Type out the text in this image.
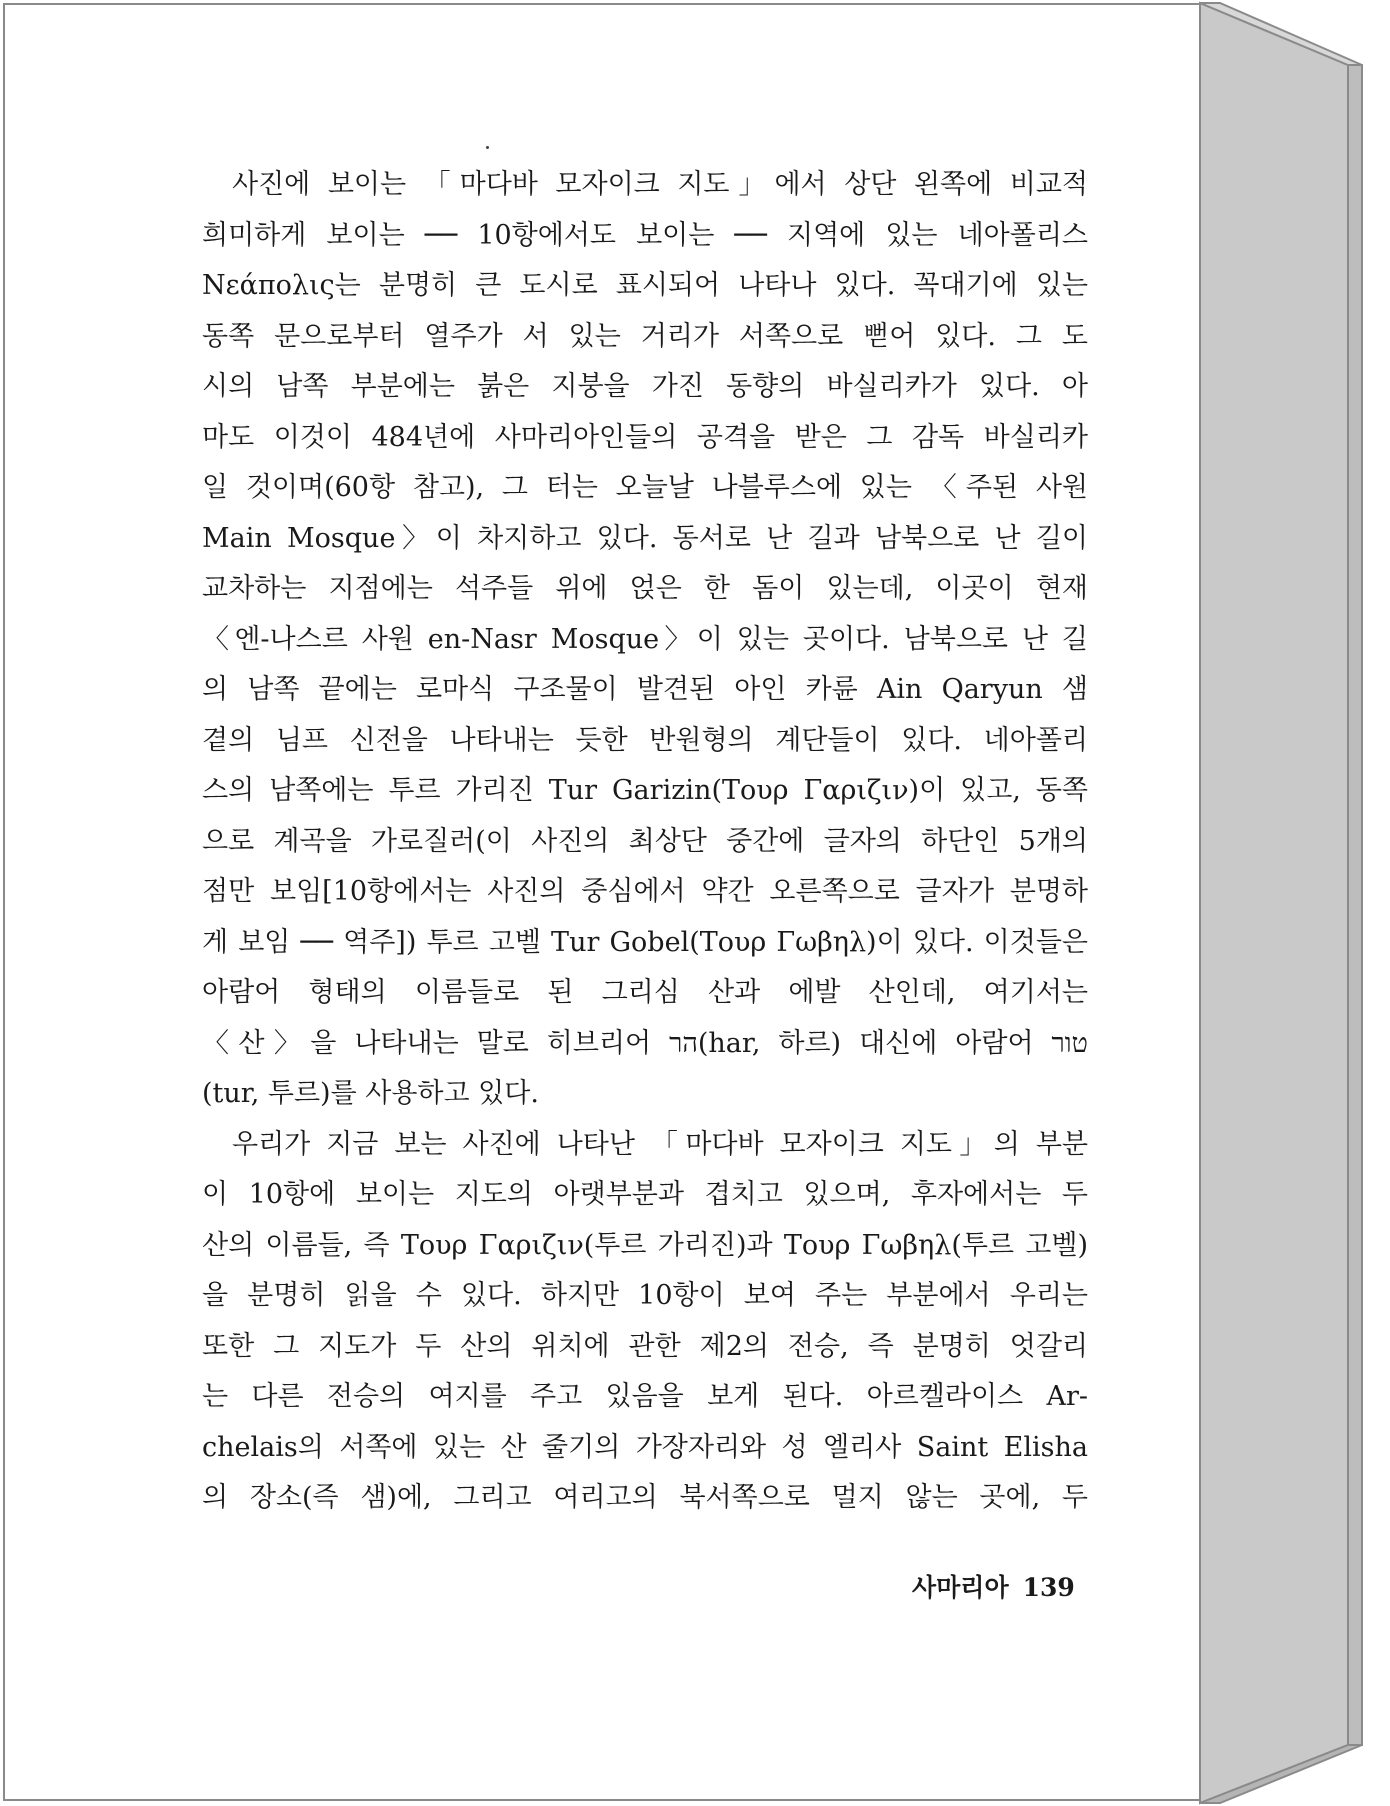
사진에 보이는 「마다바 모자이크 지도」에서 상단 왼쪽에 비교적
희미하게 보이는 ── 10항에서도 보이는 ── 지역에 있는 네아폴리스
Νεάπολις는 분명히 큰 도시로 표시되어 나타나 있다. 꼭대기에 있는
동쪽 문으로부터 열주가 서 있는 거리가 서쪽으로 뻗어 있다. 그 도
시의 남쪽 부분에는 붉은 지붕을 가진 동향의 바실리카가 있다. 아
마도 이것이 484년에 사마리아인들의 공격을 받은 그 감독 바실리카
일 것이며(60항 참고), 그 터는 오늘날 나블루스에 있는 〈주된 사원
Main Mosque〉이 차지하고 있다. 동서로 난 길과 남북으로 난 길이
교차하는 지점에는 석주들 위에 얹은 한 돔이 있는데, 이곳이 현재
〈엔-나스르 사원 en-Nasr Mosque〉이 있는 곳이다. 남북으로 난 길
의 남쪽 끝에는 로마식 구조물이 발견된 아인 카륜 Ain Qaryun 샘
곁의 님프 신전을 나타내는 듯한 반원형의 계단들이 있다. 네아폴리
스의 남쪽에는 투르 가리진 Tur Garizin(Τουρ Γαριζιν)이 있고, 동쪽
으로 계곡을 가로질러(이 사진의 최상단 중간에 글자의 하단인 5개의
점만 보임[10항에서는 사진의 중심에서 약간 오른쪽으로 글자가 분명하
게 보임 ── 역주]) 투르 고벨 Tur Gobel(Τουρ Γωβηλ)이 있다. 이것들은
아람어 형태의 이름들로 된 그리심 산과 에발 산인데, 여기서는
〈산〉을 나타내는 말로 히브리어 הר(har, 하르) 대신에 아람어 טור
(tur, 투르)를 사용하고 있다.
우리가 지금 보는 사진에 나타난 「마다바 모자이크 지도」의 부분
이 10항에 보이는 지도의 아랫부분과 겹치고 있으며, 후자에서는 두
산의 이름들, 즉 Τουρ Γαριζιν(투르 가리진)과 Τουρ Γωβηλ(투르 고벨)
을 분명히 읽을 수 있다. 하지만 10항이 보여 주는 부분에서 우리는
또한 그 지도가 두 산의 위치에 관한 제2의 전승, 즉 분명히 엇갈리
는 다른 전승의 여지를 주고 있음을 보게 된다. 아르켈라이스 Ar-
chelais의 서쪽에 있는 산 줄기의 가장자리와 성 엘리사 Saint Elisha
의 장소(즉 샘)에, 그리고 여리고의 북서쪽으로 멀지 않는 곳에, 두
사마리아 139
